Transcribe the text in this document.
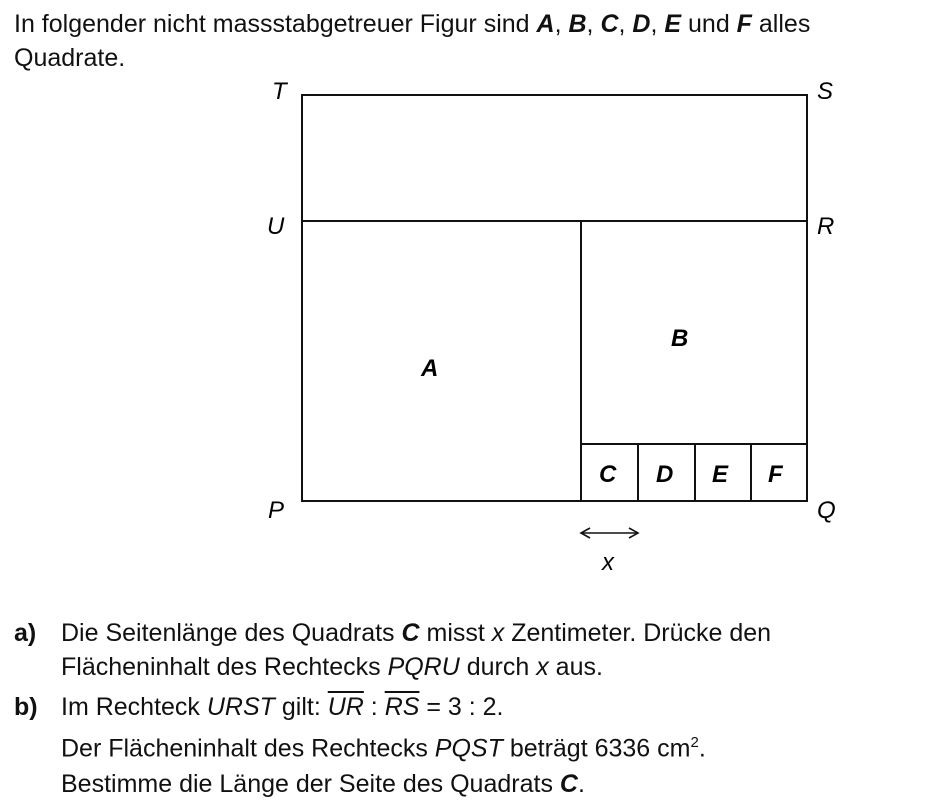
In folgender nicht massstabgetreuer Figur sind A, B, C, D, E und F alles
Quadrate.
T	S
U	R
P	Q
A
B
C D E F
x
a) Die Seitenlänge des Quadrats C misst x Zentimeter. Drücke den
Flächeninhalt des Rechtecks PQRU durch x aus.
b) Im Rechteck URST gilt: $\overline{UR}$ : $\overline{RS} = 3$ : 2.
Der Flächeninhalt des Rechtecks PQST beträgt 6336 $cm^2$.
Bestimme die Länge der Seite des Quadrats C.
